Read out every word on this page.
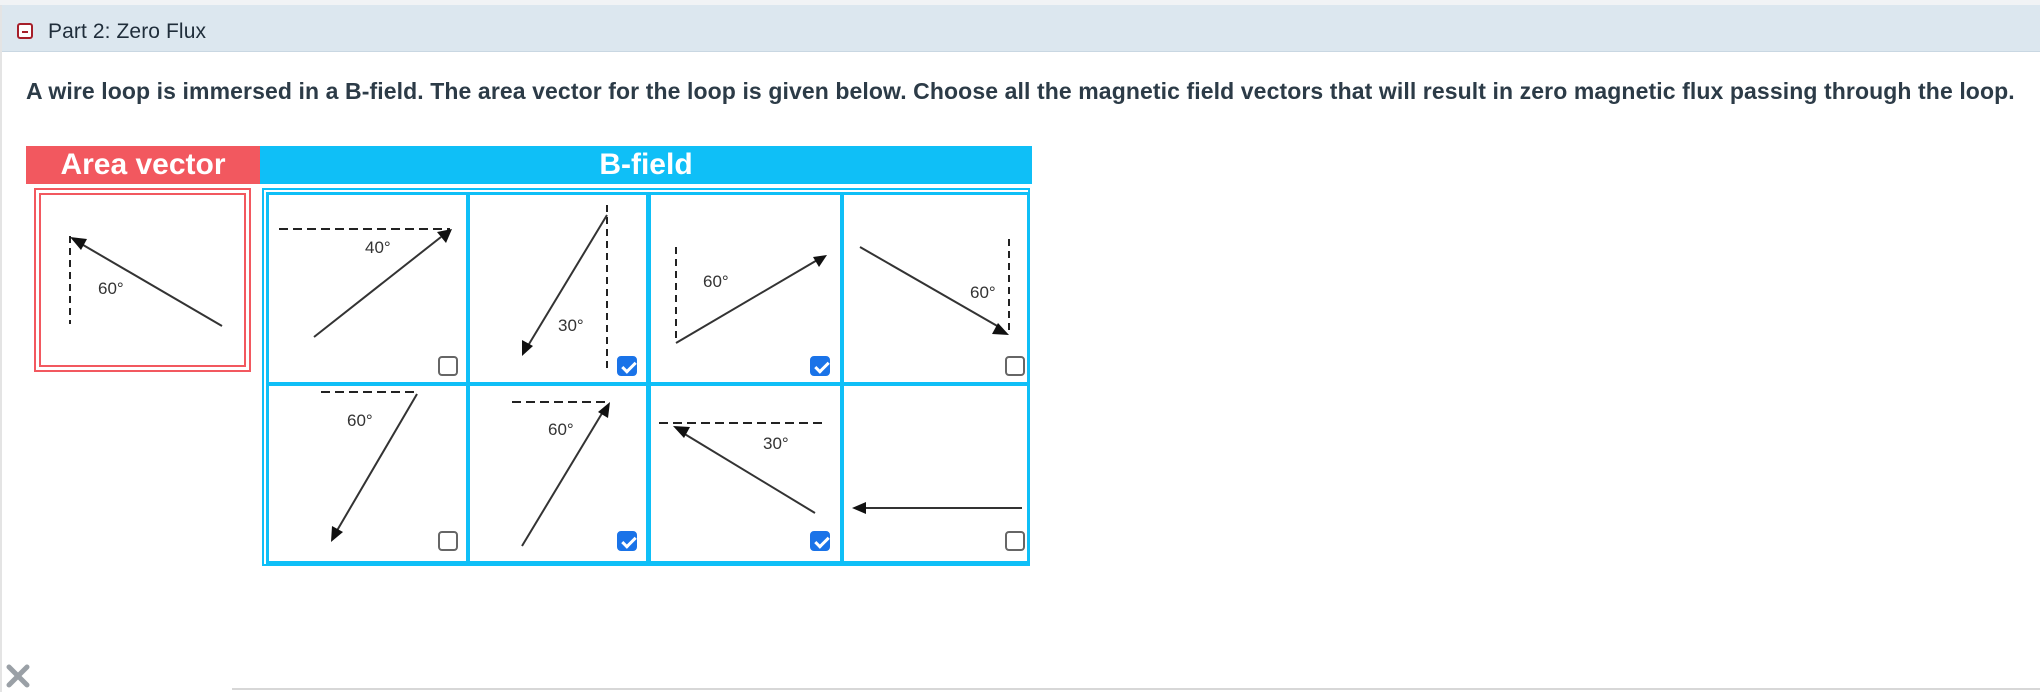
Part 2: Zero Flux
A wire loop is immersed in a B-field. The area vector for the loop is given below. Choose all the magnetic field vectors that will result in zero magnetic flux passing through the loop.
Area vector	B-field
60°
40°
30°
60°
60°
60°	60°
30°
